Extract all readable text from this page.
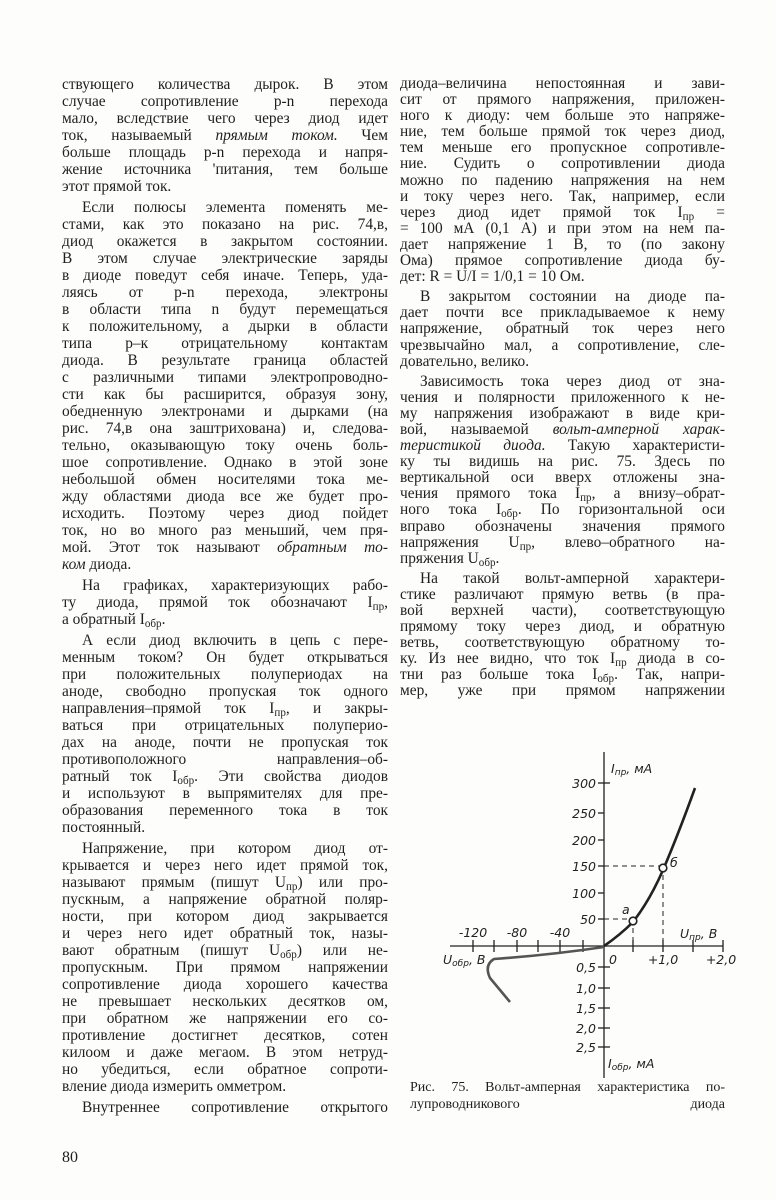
ствующего количества дырок. В этом
случае сопротивление p-n перехода
мало, вследствие чего через диод идет
ток, называемый прямым током. Чем
больше площадь p-n перехода и напря-
жение источника 'питания, тем больше
этот прямой ток.
Если полюсы элемента поменять ме-
стами, как это показано на рис. 74,в,
диод окажется в закрытом состоянии.
В этом случае электрические заряды
в диоде поведут себя иначе. Теперь, уда-
ляясь от p-n перехода, электроны
в области типа n будут перемещаться
к положительному, а дырки в области
типа p–к отрицательному контактам
диода. В результате граница областей
с различными типами электропроводно-
сти как бы расширится, образуя зону,
обедненную электронами и дырками (на
рис. 74,в она заштрихована) и, следова-
тельно, оказывающую току очень боль-
шое сопротивление. Однако в этой зоне
небольшой обмен носителями тока ме-
жду областями диода все же будет про-
исходить. Поэтому через диод пойдет
ток, но во много раз меньший, чем пря-
мой. Этот ток называют обратным то-
ком диода.
На графиках, характеризующих рабо-
ту диода, прямой ток обозначают $I_{пр}$,
а обратный $I_{обр}$.
А если диод включить в цепь с пере-
менным током? Он будет открываться
при положительных полупериодах на
аноде, свободно пропуская ток одного
направления–прямой ток $I_{пр}$, и закры-
ваться при отрицательных полуперио-
дах на аноде, почти не пропуская ток
противоположного направления–об-
ратный ток $I_{обр}$. Эти свойства диодов
и используют в выпрямителях для пре-
образования переменного тока в ток
постоянный.
Напряжение, при котором диод от-
крывается и через него идет прямой ток,
называют прямым (пишут $U_{пр}$) или про-
пускным, а напряжение обратной поляр-
ности, при котором диод закрывается
и через него идет обратный ток, назы-
вают обратным (пишут $U_{обр}$) или не-
пропускным. При прямом напряжении
сопротивление диода хорошего качества
не превышает нескольких десятков ом,
при обратном же напряжении его со-
противление достигнет десятков, сотен
килоом и даже мегаом. В этом нетруд-
но убедиться, если обратное сопроти-
вление диода измерить омметром.
Внутреннее сопротивление открытого
диода–величина непостоянная и зави-
сит от прямого напряжения, приложен-
ного к диоду: чем больше это напряже-
ние, тем больше прямой ток через диод,
тем меньше его пропускное сопротивле-
ние. Судить о сопротивлении диода
можно по падению напряжения на нем
и току через него. Так, например, если
через диод идет прямой ток $I_{пр}$ =
= 100 мА (0,1 А) и при этом на нем па-
дает напряжение 1 В, то (по закону
Ома) прямое сопротивление диода бу-
дет: R = U/I = 1/0,1 = 10 Ом.
В закрытом состоянии на диоде па-
дает почти все прикладываемое к нему
напряжение, обратный ток через него
чрезвычайно мал, а сопротивление, сле-
довательно, велико.
Зависимость тока через диод от зна-
чения и полярности приложенного к не-
му напряжения изображают в виде кри-
вой, называемой вольт-амперной харак-
теристикой диода. Такую характеристи-
ку ты видишь на рис. 75. Здесь по
вертикальной оси вверх отложены зна-
чения прямого тока $I_{пр}$, а внизу–обрат-
ного тока $I_{обр}$. По горизонтальной оси
вправо обозначены значения прямого
напряжения $U_{пр}$, влево–обратного на-
пряжения $U_{обр}$.
На такой вольт-амперной характери-
стике различают прямую ветвь (в пра-
вой верхней части), соответствующую
прямому току через диод, и обратную
ветвь, соответствующую обратному то-
ку. Из нее видно, что ток $I_{пр}$ диода в со-
тни раз больше тока $I_{обр}$. Так, напри-
мер, уже при прямом напряжении
Iпр, мА
Iобр, мА
Uпр, В
Uобр, В	0
300
250
200
150
100
50
0,5
1,0
1,5
2,0
2,5
-120 -80 -40
+1,0 +2,0
а
б
Рис. 75. Вольт-амперная характеристика по-
лупроводникового диода
80
